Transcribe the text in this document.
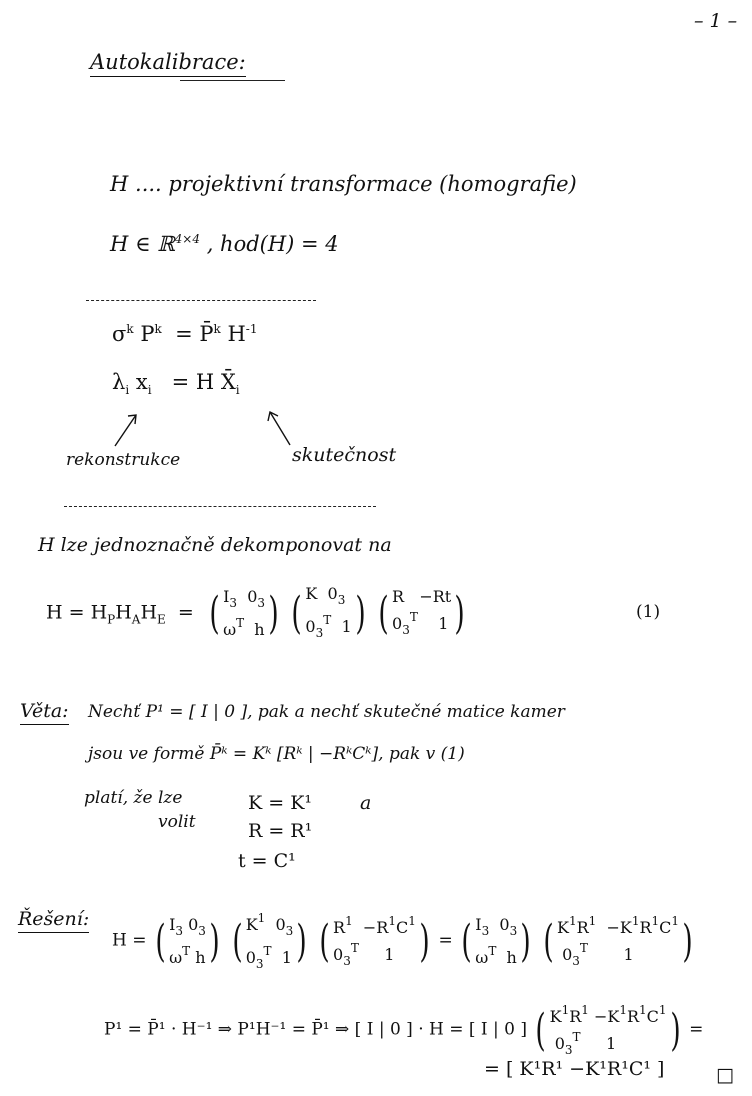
– 1 –
Autokalibrace:
H .... projektivní transformace (homografie)
H ∈ ℝ$^{4\times 4}$ , hod(H) = 4
$\sigma^k$ $P^k$ = P̄$^k$ $H^{-1}$
$\lambda_i$ $x_i = H$ $X̄_i$
rekonstrukce	skutečnost
H lze jednoznačně dekomponovat na
$H = H_PH_AH_E$  =  ( $I_3$  $0_3$
$\omega^T$  h) ( K  $0_3$
$0_3^T$  1) ( R   −Rt
$0_3^T$    1 )	(1)
Věta: Nechť P¹ = [ I | 0 ], pak a nechť skutečné matice kamer
jsou ve formě P̄ᵏ = Kᵏ [Rᵏ | −RᵏCᵏ], pak v (1)
platí, že lze
volit
K = K¹	a
R = R¹
t = C¹
Řešení:
H = ( $I_3$ $0_3$
$\omega^T$ h) ( $K^1$  $0_3$
$0_3^T$  1 ) ( $R^1 -R^1C^1$
$0_3^T$     1 ) = ( $I_3$  $0_3$
$\omega^T$  h) ( $K^1R^1 -K^1R^1C^1$
$0_3^T$       1 )
P¹ = P̄¹ · H⁻¹ ⇒ P¹H⁻¹ = P̄¹ ⇒ [ I | 0 ] · H = [ I | 0 ] ( $K^1R^1 -K^1R^1C^1$
$0_3^T$     1 ) =
= [ K¹R¹ −K¹R¹C¹ ]	□
